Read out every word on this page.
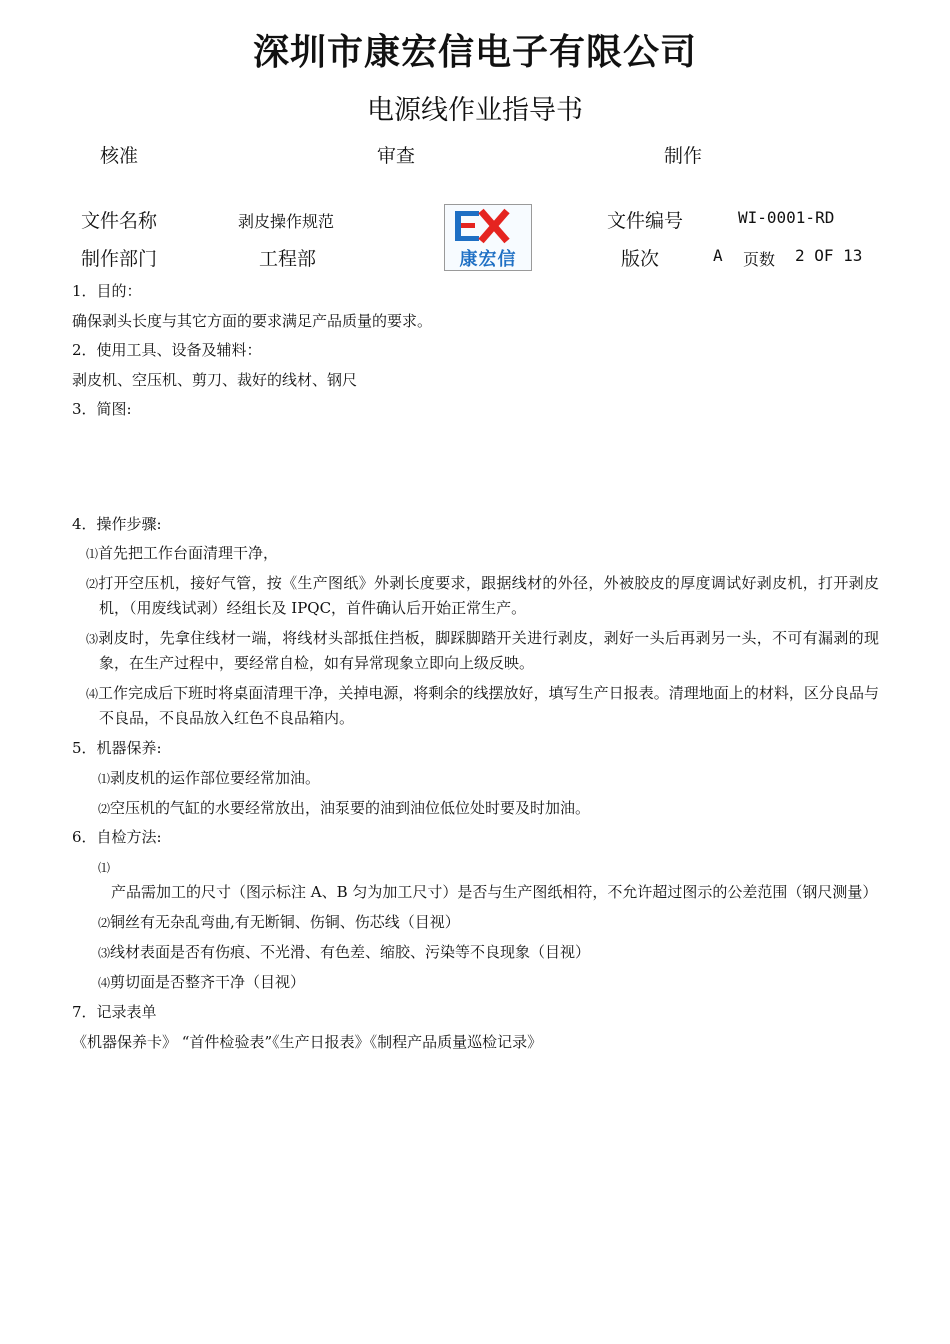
深圳市康宏信电子有限公司
电源线作业指导书
核准	审查	制作
文件名称	剥皮操作规范	文件编号	WI-0001-RD
制作部门	工程部	版次	A 页数 2 OF 13
康宏信
1．目的：
确保剥头长度与其它方面的要求满足产品质量的要求。
2．使用工具、设备及辅料：
剥皮机、空压机、剪刀、裁好的线材、钢尺
3．简图:
4．操作步骤:
⑴首先把工作台面清理干净，
⑵打开空压机，接好气管，按《生产图纸》外剥长度要求，跟据线材的外径，外被胶皮的厚度调试好剥皮机，打开剥皮机，（用废线试剥）经组长及 IPQC，首件确认后开始正常生产。
⑶剥皮时，先拿住线材一端，将线材头部抵住挡板，脚踩脚踏开关进行剥皮，剥好一头后再剥另一头，不可有漏剥的现象，在生产过程中，要经常自检，如有异常现象立即向上级反映。
⑷工作完成后下班时将桌面清理干净，关掉电源，将剩余的线摆放好，填写生产日报表。清理地面上的材料，区分良品与不良品，不良品放入红色不良品箱内。
5．机器保养:
⑴剥皮机的运作部位要经常加油。
⑵空压机的气缸的水要经常放出，油泵要的油到油位低位处时要及时加油。
6．自检方法:
⑴产品需加工的尺寸（图示标注 A、B 匀为加工尺寸）是否与生产图纸相符，不允许超过图示的公差范围（钢尺测量）
⑵铜丝有无杂乱弯曲,有无断铜、伤铜、伤芯线（目视）
⑶线材表面是否有伤痕、不光滑、有色差、缩胶、污染等不良现象（目视）
⑷剪切面是否整齐干净（目视）
7．记录表单
《机器保养卡》 “首件检验表”《生产日报表》《制程产品质量巡检记录》
